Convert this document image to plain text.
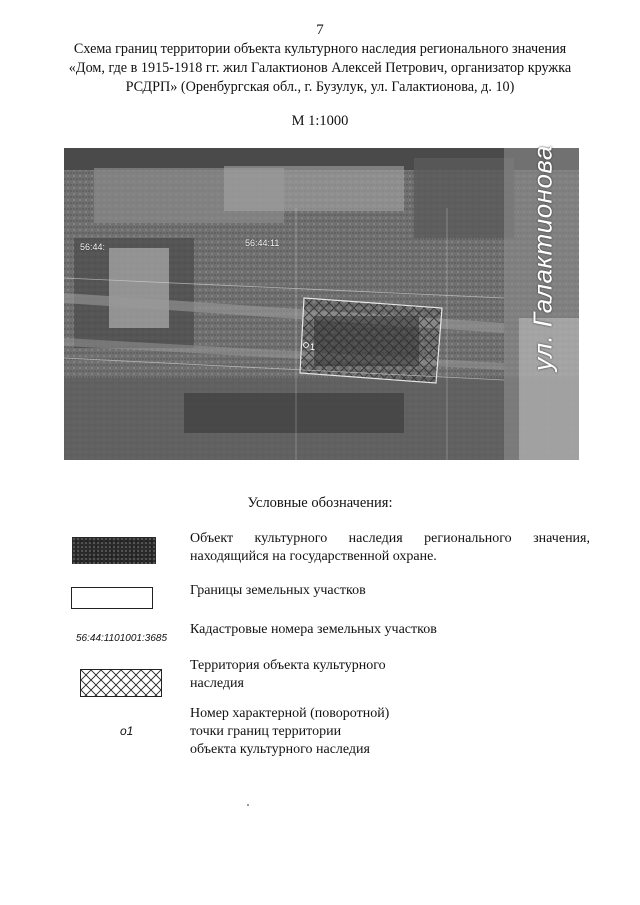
7
Схема границ территории объекта культурного наследия регионального значения
«Дом, где в 1915-1918 гг. жил Галактионов Алексей Петрович, организатор кружка
РСДРП» (Оренбургская обл., г. Бузулук, ул. Галактионова, д. 10)
М 1:1000
56:44:	56:44:11
1	ул. Галактионова
Условные обозначения:
Объект культурного наследия регионального значения, находящийся на государственной охране.
Границы земельных участков
56:44:1101001:3685
Кадастровые номера земельных участков
Территория объекта культурного
наследия
о1
Номер характерной (поворотной)
точки границ территории
объекта культурного наследия
